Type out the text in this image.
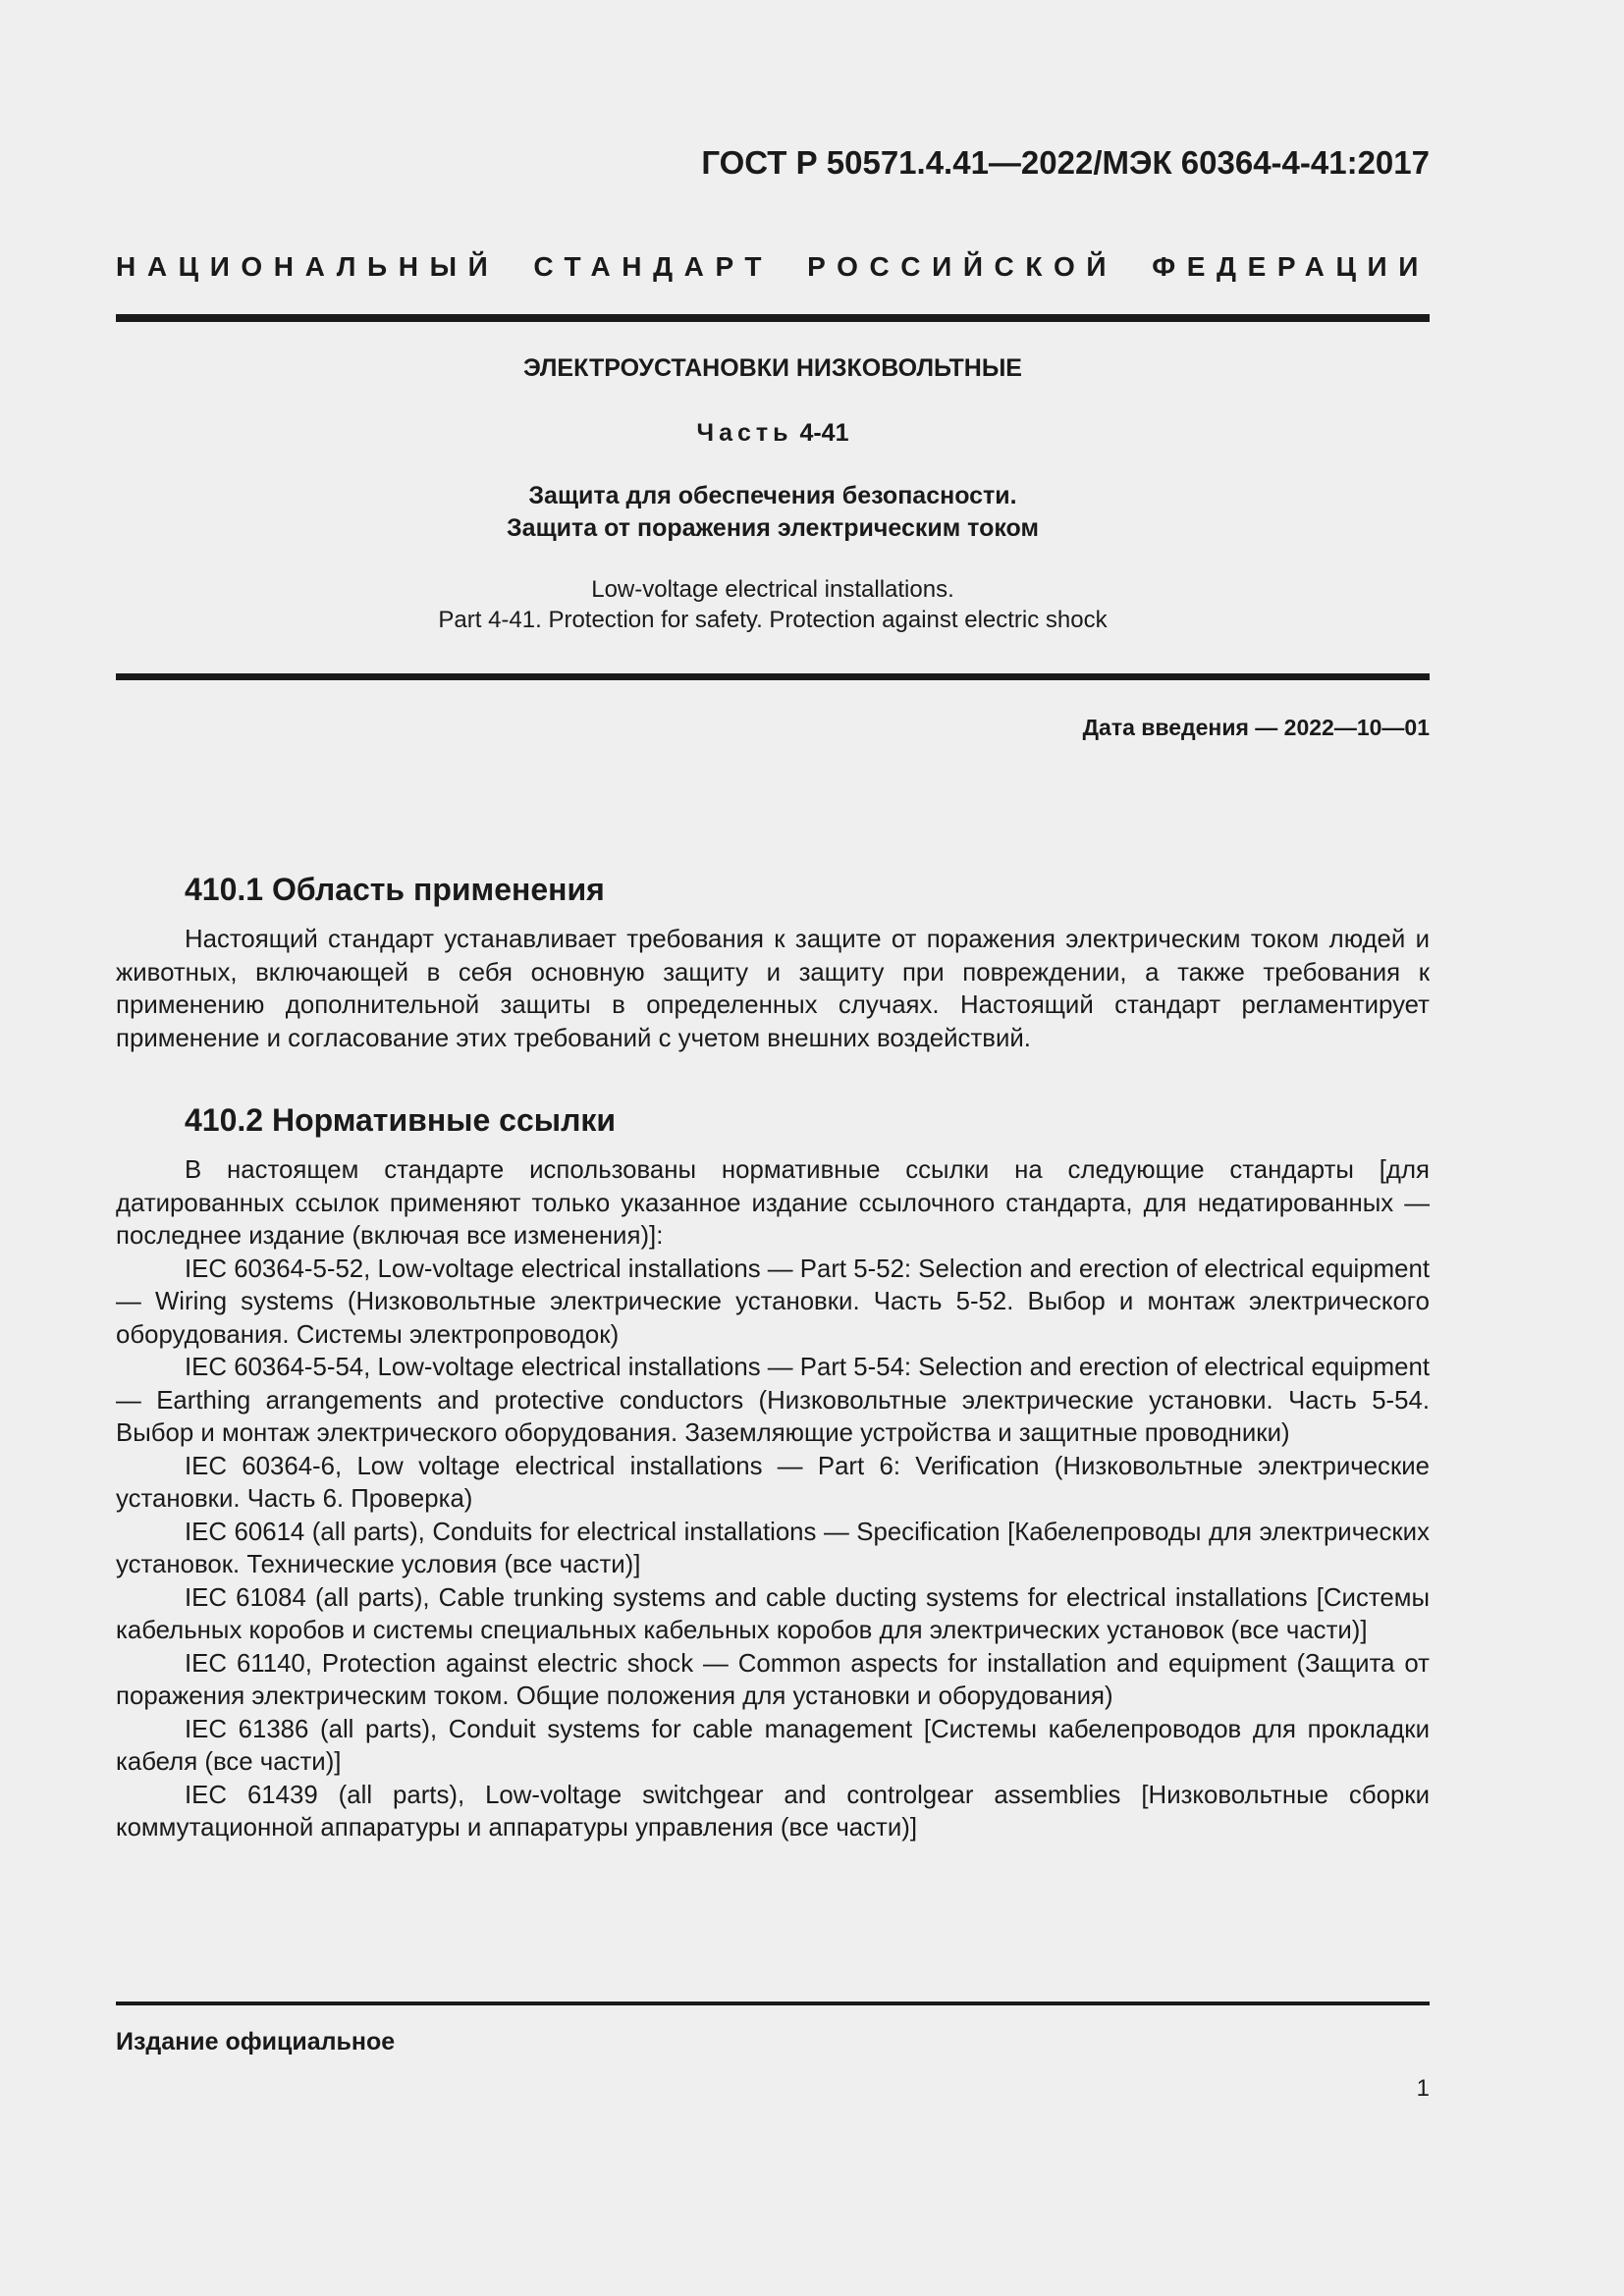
ГОСТ Р 50571.4.41—2022/МЭК 60364-4-41:2017
НАЦИОНАЛЬНЫЙ СТАНДАРТ РОССИЙСКОЙ ФЕДЕРАЦИИ
ЭЛЕКТРОУСТАНОВКИ НИЗКОВОЛЬТНЫЕ
Часть 4-41
Защита для обеспечения безопасности.
Защита от поражения электрическим током
Low-voltage electrical installations.
Part 4-41. Protection for safety. Protection against electric shock
Дата введения — 2022—10—01
410.1 Область применения

Настоящий стандарт устанавливает требования к защите от поражения электрическим током людей и животных, включающей в себя основную защиту и защиту при повреждении, а также требования к применению дополнительной защиты в определенных случаях. Настоящий стандарт регламентирует применение и согласование этих требований с учетом внешних воздействий.

410.2 Нормативные ссылки

В настоящем стандарте использованы нормативные ссылки на следующие стандарты [для датированных ссылок применяют только указанное издание ссылочного стандарта, для недатированных — последнее издание (включая все изменения)]:

IEC 60364-5-52, Low-voltage electrical installations — Part 5-52: Selection and erection of electrical equipment — Wiring systems (Низковольтные электрические установки. Часть 5-52. Выбор и монтаж электрического оборудования. Системы электропроводок)

IEC 60364-5-54, Low-voltage electrical installations — Part 5-54: Selection and erection of electrical equipment — Earthing arrangements and protective conductors (Низковольтные электрические установки. Часть 5-54. Выбор и монтаж электрического оборудования. Заземляющие устройства и защитные проводники)

IEC 60364-6, Low voltage electrical installations — Part 6: Verification (Низковольтные электрические установки. Часть 6. Проверка)

IEC 60614 (all parts), Conduits for electrical installations — Specification [Кабелепроводы для электрических установок. Технические условия (все части)]

IEC 61084 (all parts), Cable trunking systems and cable ducting systems for electrical installations [Системы кабельных коробов и системы специальных кабельных коробов для электрических установок (все части)]

IEC 61140, Protection against electric shock — Common aspects for installation and equipment (Защита от поражения электрическим током. Общие положения для установки и оборудования)

IEC 61386 (all parts), Conduit systems for cable management [Системы кабелепроводов для прокладки кабеля (все части)]

IEC 61439 (all parts), Low-voltage switchgear and controlgear assemblies [Низковольтные сборки коммутационной аппаратуры и аппаратуры управления (все части)]

Издание официальное
1
